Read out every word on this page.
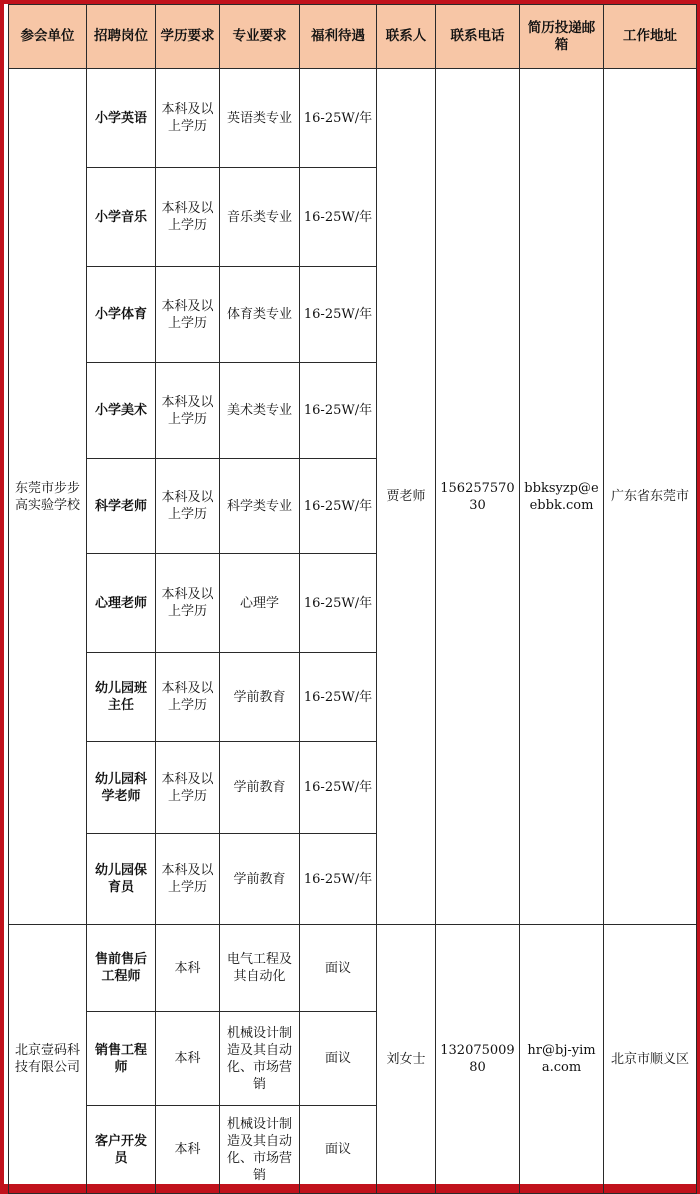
参会单位	招聘岗位	学历要求	专业要求	福利待遇	联系人	联系电话	简历投递邮箱	工作地址
东莞市步步高实验学校	小学英语	本科及以上学历	英语类专业	16-25W/年	贾老师	15625757030	bbksyzp@eebbk.com	广东省东莞市
	小学音乐	本科及以上学历	音乐类专业	16-25W/年				
	小学体育	本科及以上学历	体育类专业	16-25W/年				
	小学美术	本科及以上学历	美术类专业	16-25W/年				
	科学老师	本科及以上学历	科学类专业	16-25W/年				
	心理老师	本科及以上学历	心理学	16-25W/年				
	幼儿园班主任	本科及以上学历	学前教育	16-25W/年				
	幼儿园科学老师	本科及以上学历	学前教育	16-25W/年				
	幼儿园保育员	本科及以上学历	学前教育	16-25W/年				
北京壹码科技有限公司	售前售后工程师	本科	电气工程及其自动化	面议	刘女士	13207500980	hr@bj-yima.com	北京市顺义区
	销售工程师	本科	机械设计制造及其自动化、市场营销	面议				
	客户开发员	本科	机械设计制造及其自动化、市场营销	面议				
